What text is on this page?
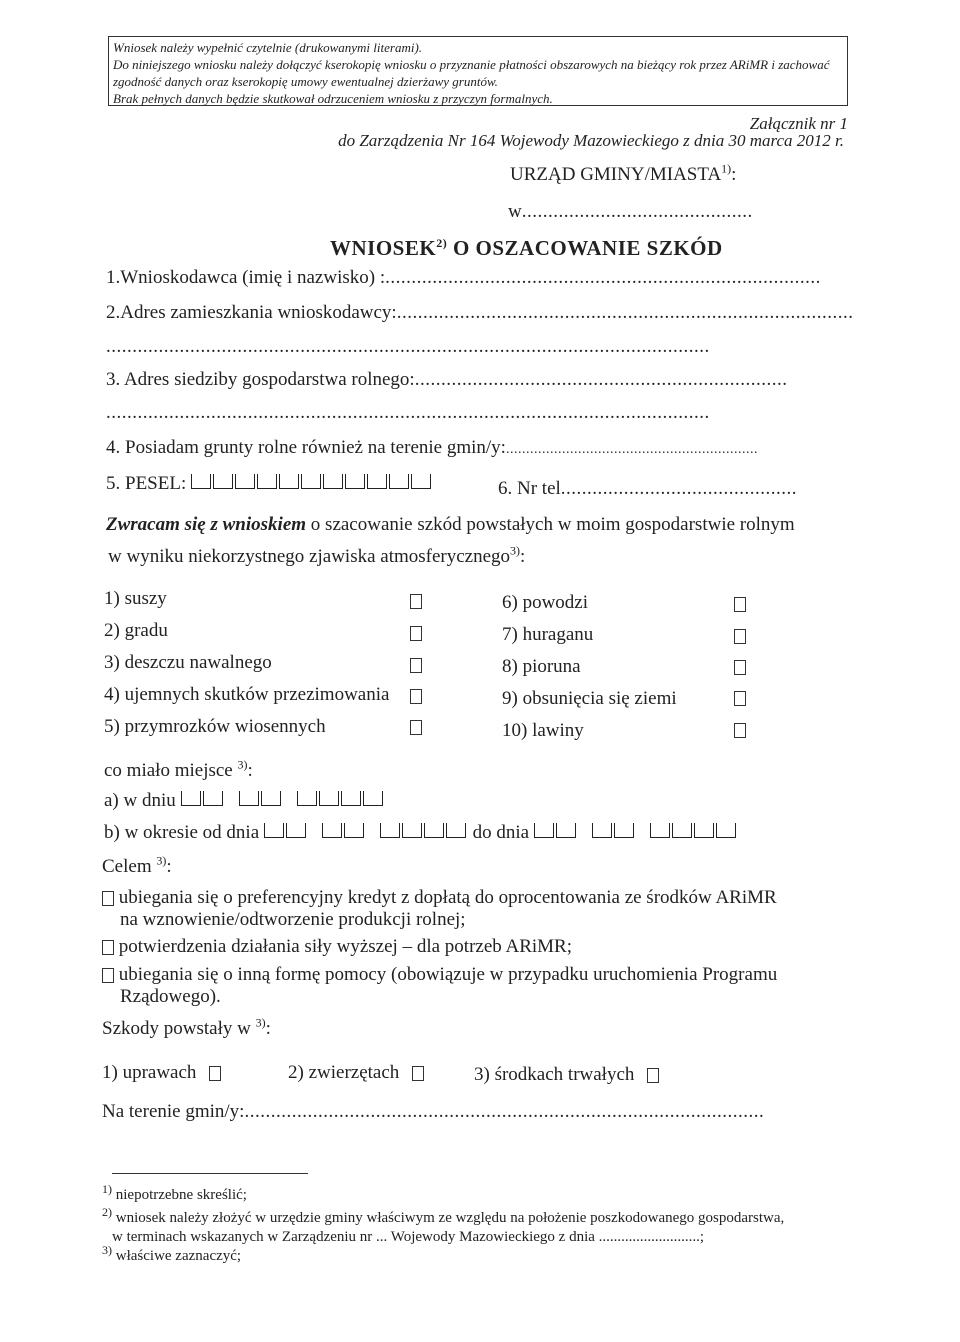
Wniosek należy wypełnić czytelnie (drukowanymi literami).
Do niniejszego wniosku należy dołączyć kserokopię wniosku o przyznanie płatności obszarowych na bieżący rok przez ARiMR i zachować
zgodność danych oraz kserokopię umowy ewentualnej dzierżawy gruntów.
Brak pełnych danych będzie skutkował odrzuceniem wniosku z przyczyn formalnych.
Załącznik nr 1
do Zarządzenia Nr 164 Wojewody Mazowieckiego z dnia 30 marca 2012 r.
URZĄD GMINY/MIASTA$^{1)}$:
w............................................
WNIOSEK$^{2)}$ O OSZACOWANIE SZKÓD
1.Wnioskodawca (imię i nazwisko) :...................................................................................
2.Adres zamieszkania wnioskodawcy:.......................................................................................
...................................................................................................................
3. Adres siedziby gospodarstwa rolnego:.......................................................................
...................................................................................................................
4. Posiadam grunty rolne również na terenie gmin/y:...............................................................
5. PESEL:	6. Nr tel.............................................
Zwracam się z wnioskiem o szacowanie szkód powstałych w moim gospodarstwie rolnym
w wyniku niekorzystnego zjawiska atmosferycznego$^{3)}$:
1) suszy
2) gradu
3) deszczu nawalnego
4) ujemnych skutków przezimowania
5) przymrozków wiosennych
6) powodzi
7) huraganu
8) pioruna
9) obsunięcia się ziemi
10) lawiny
co miało miejsce $^{3)}$:
a) w dniu
b) w okresie od dnia	do dnia
Celem $^{3)}$:
ubiegania się o preferencyjny kredyt z dopłatą do oprocentowania ze środków ARiMR
na wznowienie/odtworzenie produkcji rolnej;
potwierdzenia działania siły wyższej – dla potrzeb ARiMR;
ubiegania się o inną formę pomocy (obowiązuje w przypadku uruchomienia Programu
Rządowego).
Szkody powstały w $^{3)}$:
1) uprawach	2) zwierzętach	3) środkach trwałych
Na terenie gmin/y:...................................................................................................
$^{1)}$ niepotrzebne skreślić;
$^{2)}$ wniosek należy złożyć w urzędzie gminy właściwym ze względu na położenie poszkodowanego gospodarstwa,
w terminach wskazanych w Zarządzeniu nr ... Wojewody Mazowieckiego z dnia ...........................;
$^{3)}$ właściwe zaznaczyć;
